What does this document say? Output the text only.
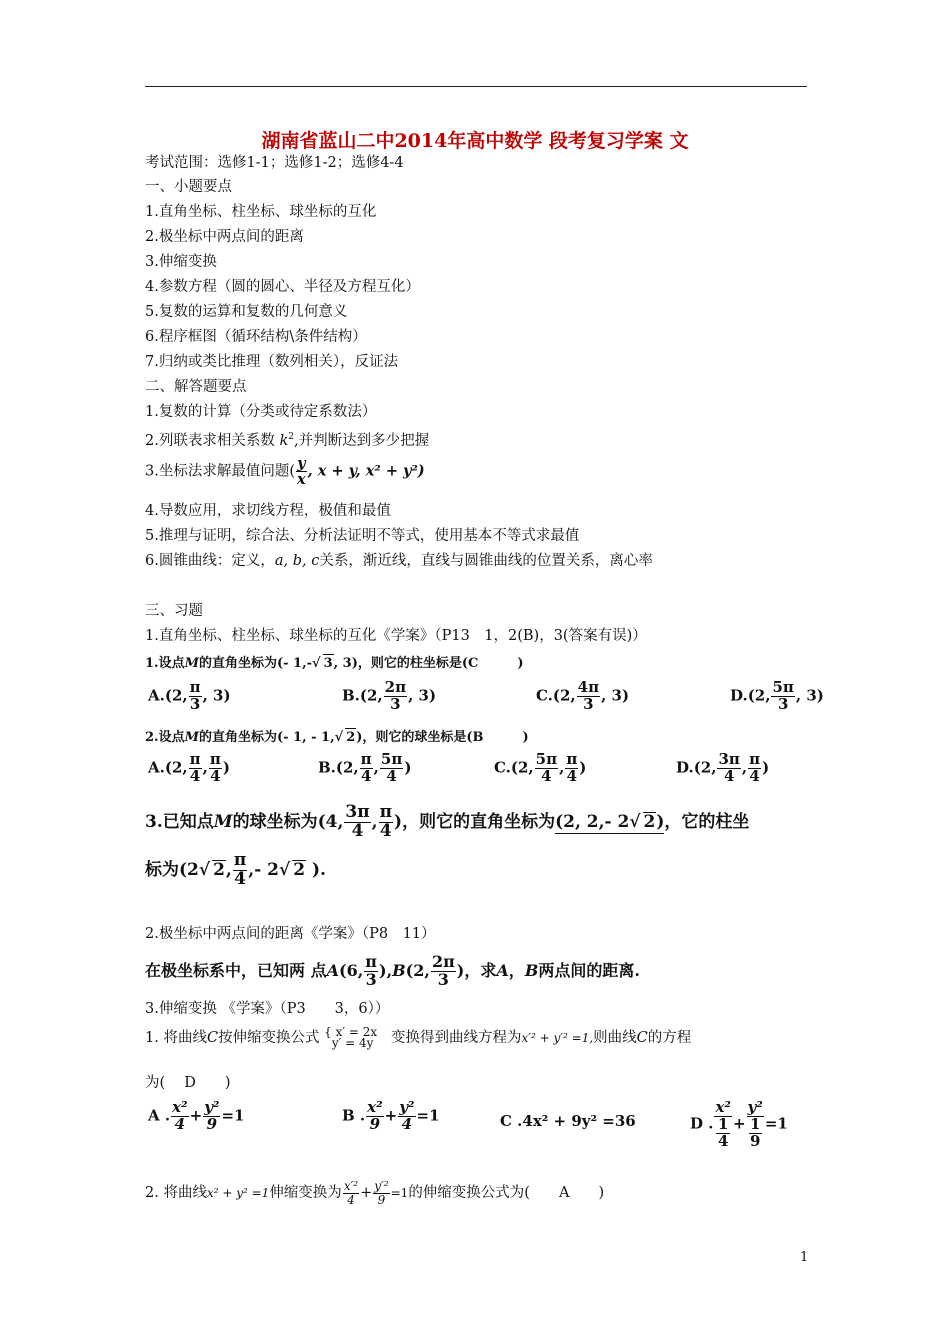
湖南省蓝山二中2014年高中数学 段考复习学案 文
考试范围：选修1-1；选修1-2；选修4-4
一、小题要点
1.直角坐标、柱坐标、球坐标的互化
2.极坐标中两点间的距离
3.伸缩变换
4.参数方程（圆的圆心、半径及方程互化）
5.复数的运算和复数的几何意义
6.程序框图（循环结构\条件结构）
7.归纳或类比推理（数列相关），反证法
二、解答题要点
1.复数的计算（分类或待定系数法）
2.列联表求相关系数 $k^2$,并判断达到多少把握
3.坐标法求解最值问题( $\frac{y}{x}$ , x + y, x² + y²)
4.导数应用，求切线方程，极值和最值
5.推理与证明，综合法、分析法证明不等式，使用基本不等式求最值
6.圆锥曲线：定义，a, b, c关系，渐近线，直线与圆锥曲线的位置关系，离心率
三、习题
1.直角坐标、柱坐标、球坐标的互化《学案》（P13　1，2(B)，3(答案有误)）
1.设点M的直角坐标为(- 1,-√ 3, 3)，则它的柱坐标是(C　　　)
A.(2, $\frac{\pi}{3}$ , 3)	B.(2, $\frac{2\pi}{3}$ , 3)	C.(2, $\frac{4\pi}{3}$ , 3)	D.(2, $\frac{5\pi}{3}$ , 3)
2.设点M的直角坐标为(- 1, - 1,√ 2)，则它的球坐标是(B　　　)
A.(2, $\frac{\pi}{4}$ , $\frac{\pi}{4}$ )	B.(2, $\frac{\pi}{4}$ , $\frac{5\pi}{4}$ )	C.(2, $\frac{5\pi}{4}$ , $\frac{\pi}{4}$ )	D.(2, $\frac{3\pi}{4}$ , $\frac{\pi}{4}$ )
3.已知点M的球坐标为(4, $\frac{3\pi}{4}$ , $\frac{\pi}{4}$ )，则它的直角坐标为(2, 2,- 2√ 2)，它的柱坐
标为(2√ 2, $\frac{\pi}{4}$ ,- 2√ 2 ).
2.极坐标中两点间的距离《学案》（P8　11）
在极坐标系中，已知两 点A(6, $\frac{\pi}{3} ),B(2$, $\frac{2\pi}{3}$ )，求A，B两点间的距离.
3.伸缩变换 《学案》（P3　　3，6））
1. 将曲线C按伸缩变换公式 { x′ = 2x
y′ = 4y 变换得到曲线方程为x′² + y′² =1,则曲线C的方程
为(　 D　　)
A . $\frac{\text{x²}}{4} + \frac{\text{y²}}{9} =1$	B . $\frac{\text{x²}}{9} + \frac{\text{y²}}{4} =1$	C .4x² + 9y² =36	D . x²
1
4 + y²
1
9 =1
2. 将曲线x² + y² =1伸缩变换为 $\frac{\text{x′²}}{4} + \frac{\text{y′²}}{9} =1$的伸缩变换公式为(　　A　　)
1
